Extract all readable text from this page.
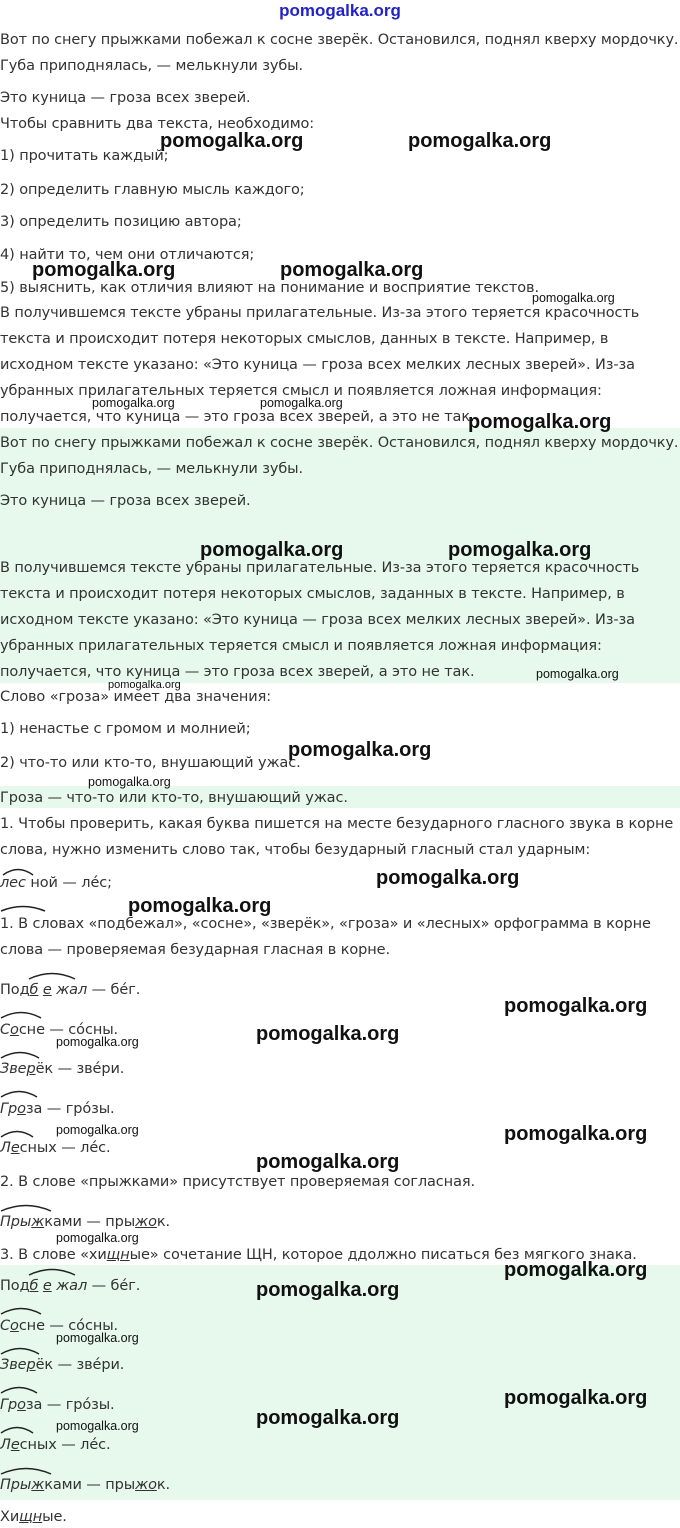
pomogalka.org
Вот по снегу прыжками побежал к сосне зверёк. Остановился, поднял кверху мордочку.
Губа приподнялась, — мелькнули зубы.
Это куница — гроза всех зверей.
Чтобы сравнить два текста, необходимо:
1) прочитать каждый;
2) определить главную мысль каждого;
3) определить позицию автора;
4) найти то, чем они отличаются;
5) выяснить, как отличия влияют на понимание и восприятие текстов.
В получившемся тексте убраны прилагательные. Из-за этого теряется красочность
текста и происходит потеря некоторых смыслов, данных в тексте. Например, в
исходном тексте указано: «Это куница — гроза всех мелких лесных зверей». Из-за
убранных прилагательных теряется смысл и появляется ложная информация:
получается, что куница — это гроза всех зверей, а это не так.
Вот по снегу прыжками побежал к сосне зверёк. Остановился, поднял кверху мордочку.
Губа приподнялась, — мелькнули зубы.
Это куница — гроза всех зверей.
В получившемся тексте убраны прилагательные. Из-за этого теряется красочность
текста и происходит потеря некоторых смыслов, заданных в тексте. Например, в
исходном тексте указано: «Это куница — гроза всех мелких лесных зверей». Из-за
убранных прилагательных теряется смысл и появляется ложная информация:
получается, что куница — это гроза всех зверей, а это не так.
Слово «гроза» имеет два значения:
1) ненастье с громом и молнией;
2) что-то или кто-то, внушающий ужас.
Гроза — что-то или кто-то, внушающий ужас.
1. Чтобы проверить, какая буква пишется на месте безударного гласного звука в корне
слова, нужно изменить слово так, чтобы безударный гласный стал ударным:
1. В словах «подбежал», «сосне», «зверёк», «гроза» и «лесных» орфограмма в корне
слова — проверяемая безударная гласная в корне.
2. В слове «прыжками» присутствует проверяемая согласная.
лес ной — ле́с;
Подб е жал — бе́г.
Сосне — со́сны.
Зверёк — зве́ри.
Гроза — гро́зы.
Лесных — ле́с.
Прыжками — прыжок.
3. В слове «хищные» сочетание ЩН, которое ддолжно писаться без мягкого знака.
Подб е жал — бе́г.
Сосне — со́сны.
Зверёк — зве́ри.
Гроза — гро́зы.
Лесных — ле́с.
Прыжками — прыжок.
Хищные.
pomogalka.org	pomogalka.org
pomogalka.org	pomogalka.org
pomogalka.org
pomogalka.org	pomogalka.org
pomogalka.org
pomogalka.org	pomogalka.org
pomogalka.org
pomogalka.org
pomogalka.org
pomogalka.org
pomogalka.org
pomogalka.org
pomogalka.org
pomogalka.org
pomogalka.org
pomogalka.org	pomogalka.org
pomogalka.org
pomogalka.org
pomogalka.org
pomogalka.org
pomogalka.org
pomogalka.org
pomogalka.org
pomogalka.org
